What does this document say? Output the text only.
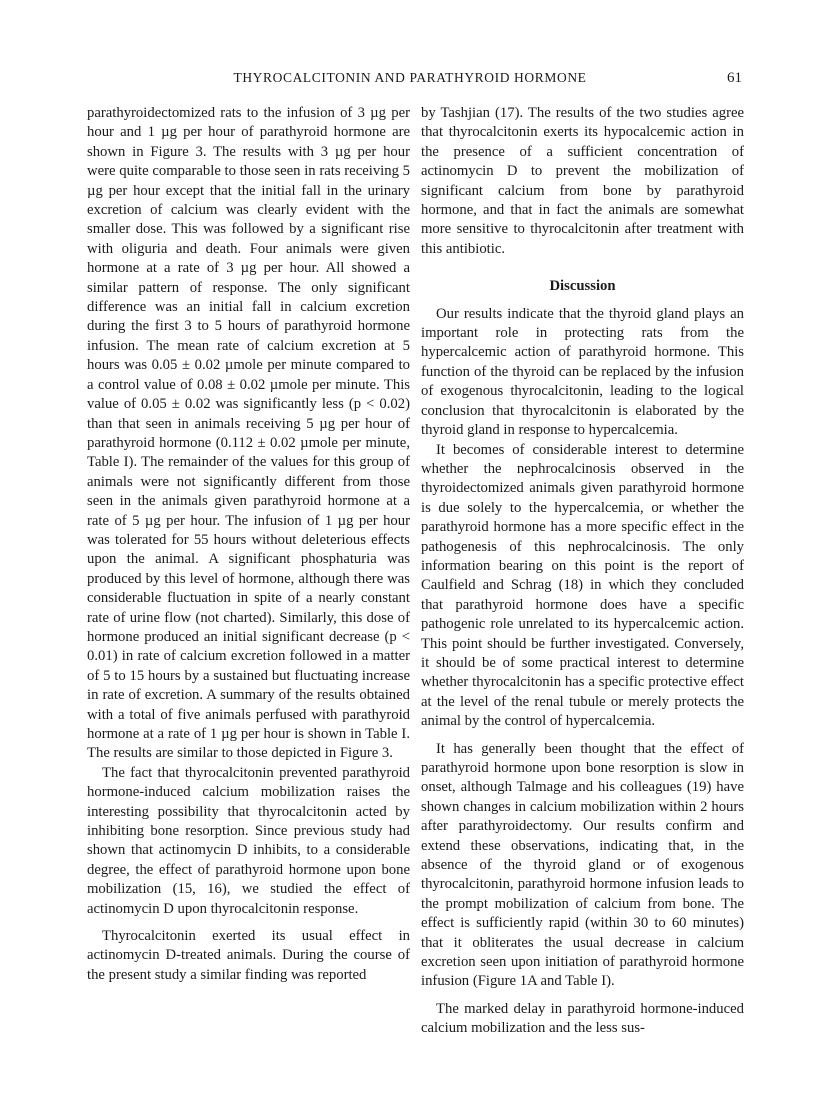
THYROCALCITONIN AND PARATHYROID HORMONE	61

parathyroidectomized rats to the infusion of 3 µg per hour and 1 µg per hour of parathyroid hormone are shown in Figure 3. The results with 3 µg per hour were quite comparable to those seen in rats receiving 5 µg per hour except that the initial fall in the urinary excretion of calcium was clearly evident with the smaller dose. This was followed by a significant rise with oliguria and death. Four animals were given hormone at a rate of 3 µg per hour. All showed a similar pattern of response. The only significant difference was an initial fall in calcium excretion during the first 3 to 5 hours of parathyroid hormone infusion. The mean rate of calcium excretion at 5 hours was 0.05 ± 0.02 µmole per minute compared to a control value of 0.08 ± 0.02 µmole per minute. This value of 0.05 ± 0.02 was significantly less (p < 0.02) than that seen in animals receiving 5 µg per hour of parathyroid hormone (0.112 ± 0.02 µmole per minute, Table I). The remainder of the values for this group of animals were not significantly different from those seen in the animals given parathyroid hormone at a rate of 5 µg per hour. The infusion of 1 µg per hour was tolerated for 55 hours without deleterious effects upon the animal. A significant phosphaturia was produced by this level of hormone, although there was considerable fluctuation in spite of a nearly constant rate of urine flow (not charted). Similarly, this dose of hormone produced an initial significant decrease (p < 0.01) in rate of calcium excretion followed in a matter of 5 to 15 hours by a sustained but fluctuating increase in rate of excretion. A summary of the results obtained with a total of five animals perfused with parathyroid hormone at a rate of 1 µg per hour is shown in Table I. The results are similar to those depicted in Figure 3.

The fact that thyrocalcitonin prevented parathyroid hormone-induced calcium mobilization raises the interesting possibility that thyrocalcitonin acted by inhibiting bone resorption. Since previous study had shown that actinomycin D inhibits, to a considerable degree, the effect of parathyroid hormone upon bone mobilization (15, 16), we studied the effect of actinomycin D upon thyrocalcitonin response.

Thyrocalcitonin exerted its usual effect in actinomycin D-treated animals. During the course of the present study a similar finding was reported

by Tashjian (17). The results of the two studies agree that thyrocalcitonin exerts its hypocalcemic action in the presence of a sufficient concentration of actinomycin D to prevent the mobilization of significant calcium from bone by parathyroid hormone, and that in fact the animals are somewhat more sensitive to thyrocalcitonin after treatment with this antibiotic.

Discussion

Our results indicate that the thyroid gland plays an important role in protecting rats from the hypercalcemic action of parathyroid hormone. This function of the thyroid can be replaced by the infusion of exogenous thyrocalcitonin, leading to the logical conclusion that thyrocalcitonin is elaborated by the thyroid gland in response to hypercalcemia.

It becomes of considerable interest to determine whether the nephrocalcinosis observed in the thyroidectomized animals given parathyroid hormone is due solely to the hypercalcemia, or whether the parathyroid hormone has a more specific effect in the pathogenesis of this nephrocalcinosis. The only information bearing on this point is the report of Caulfield and Schrag (18) in which they concluded that parathyroid hormone does have a specific pathogenic role unrelated to its hypercalcemic action. This point should be further investigated. Conversely, it should be of some practical interest to determine whether thyrocalcitonin has a specific protective effect at the level of the renal tubule or merely protects the animal by the control of hypercalcemia.

It has generally been thought that the effect of parathyroid hormone upon bone resorption is slow in onset, although Talmage and his colleagues (19) have shown changes in calcium mobilization within 2 hours after parathyroidectomy. Our results confirm and extend these observations, indicating that, in the absence of the thyroid gland or of exogenous thyrocalcitonin, parathyroid hormone infusion leads to the prompt mobilization of calcium from bone. The effect is sufficiently rapid (within 30 to 60 minutes) that it obliterates the usual decrease in calcium excretion seen upon initiation of parathyroid hormone infusion (Figure 1A and Table I).

The marked delay in parathyroid hormone-induced calcium mobilization and the less sus-
